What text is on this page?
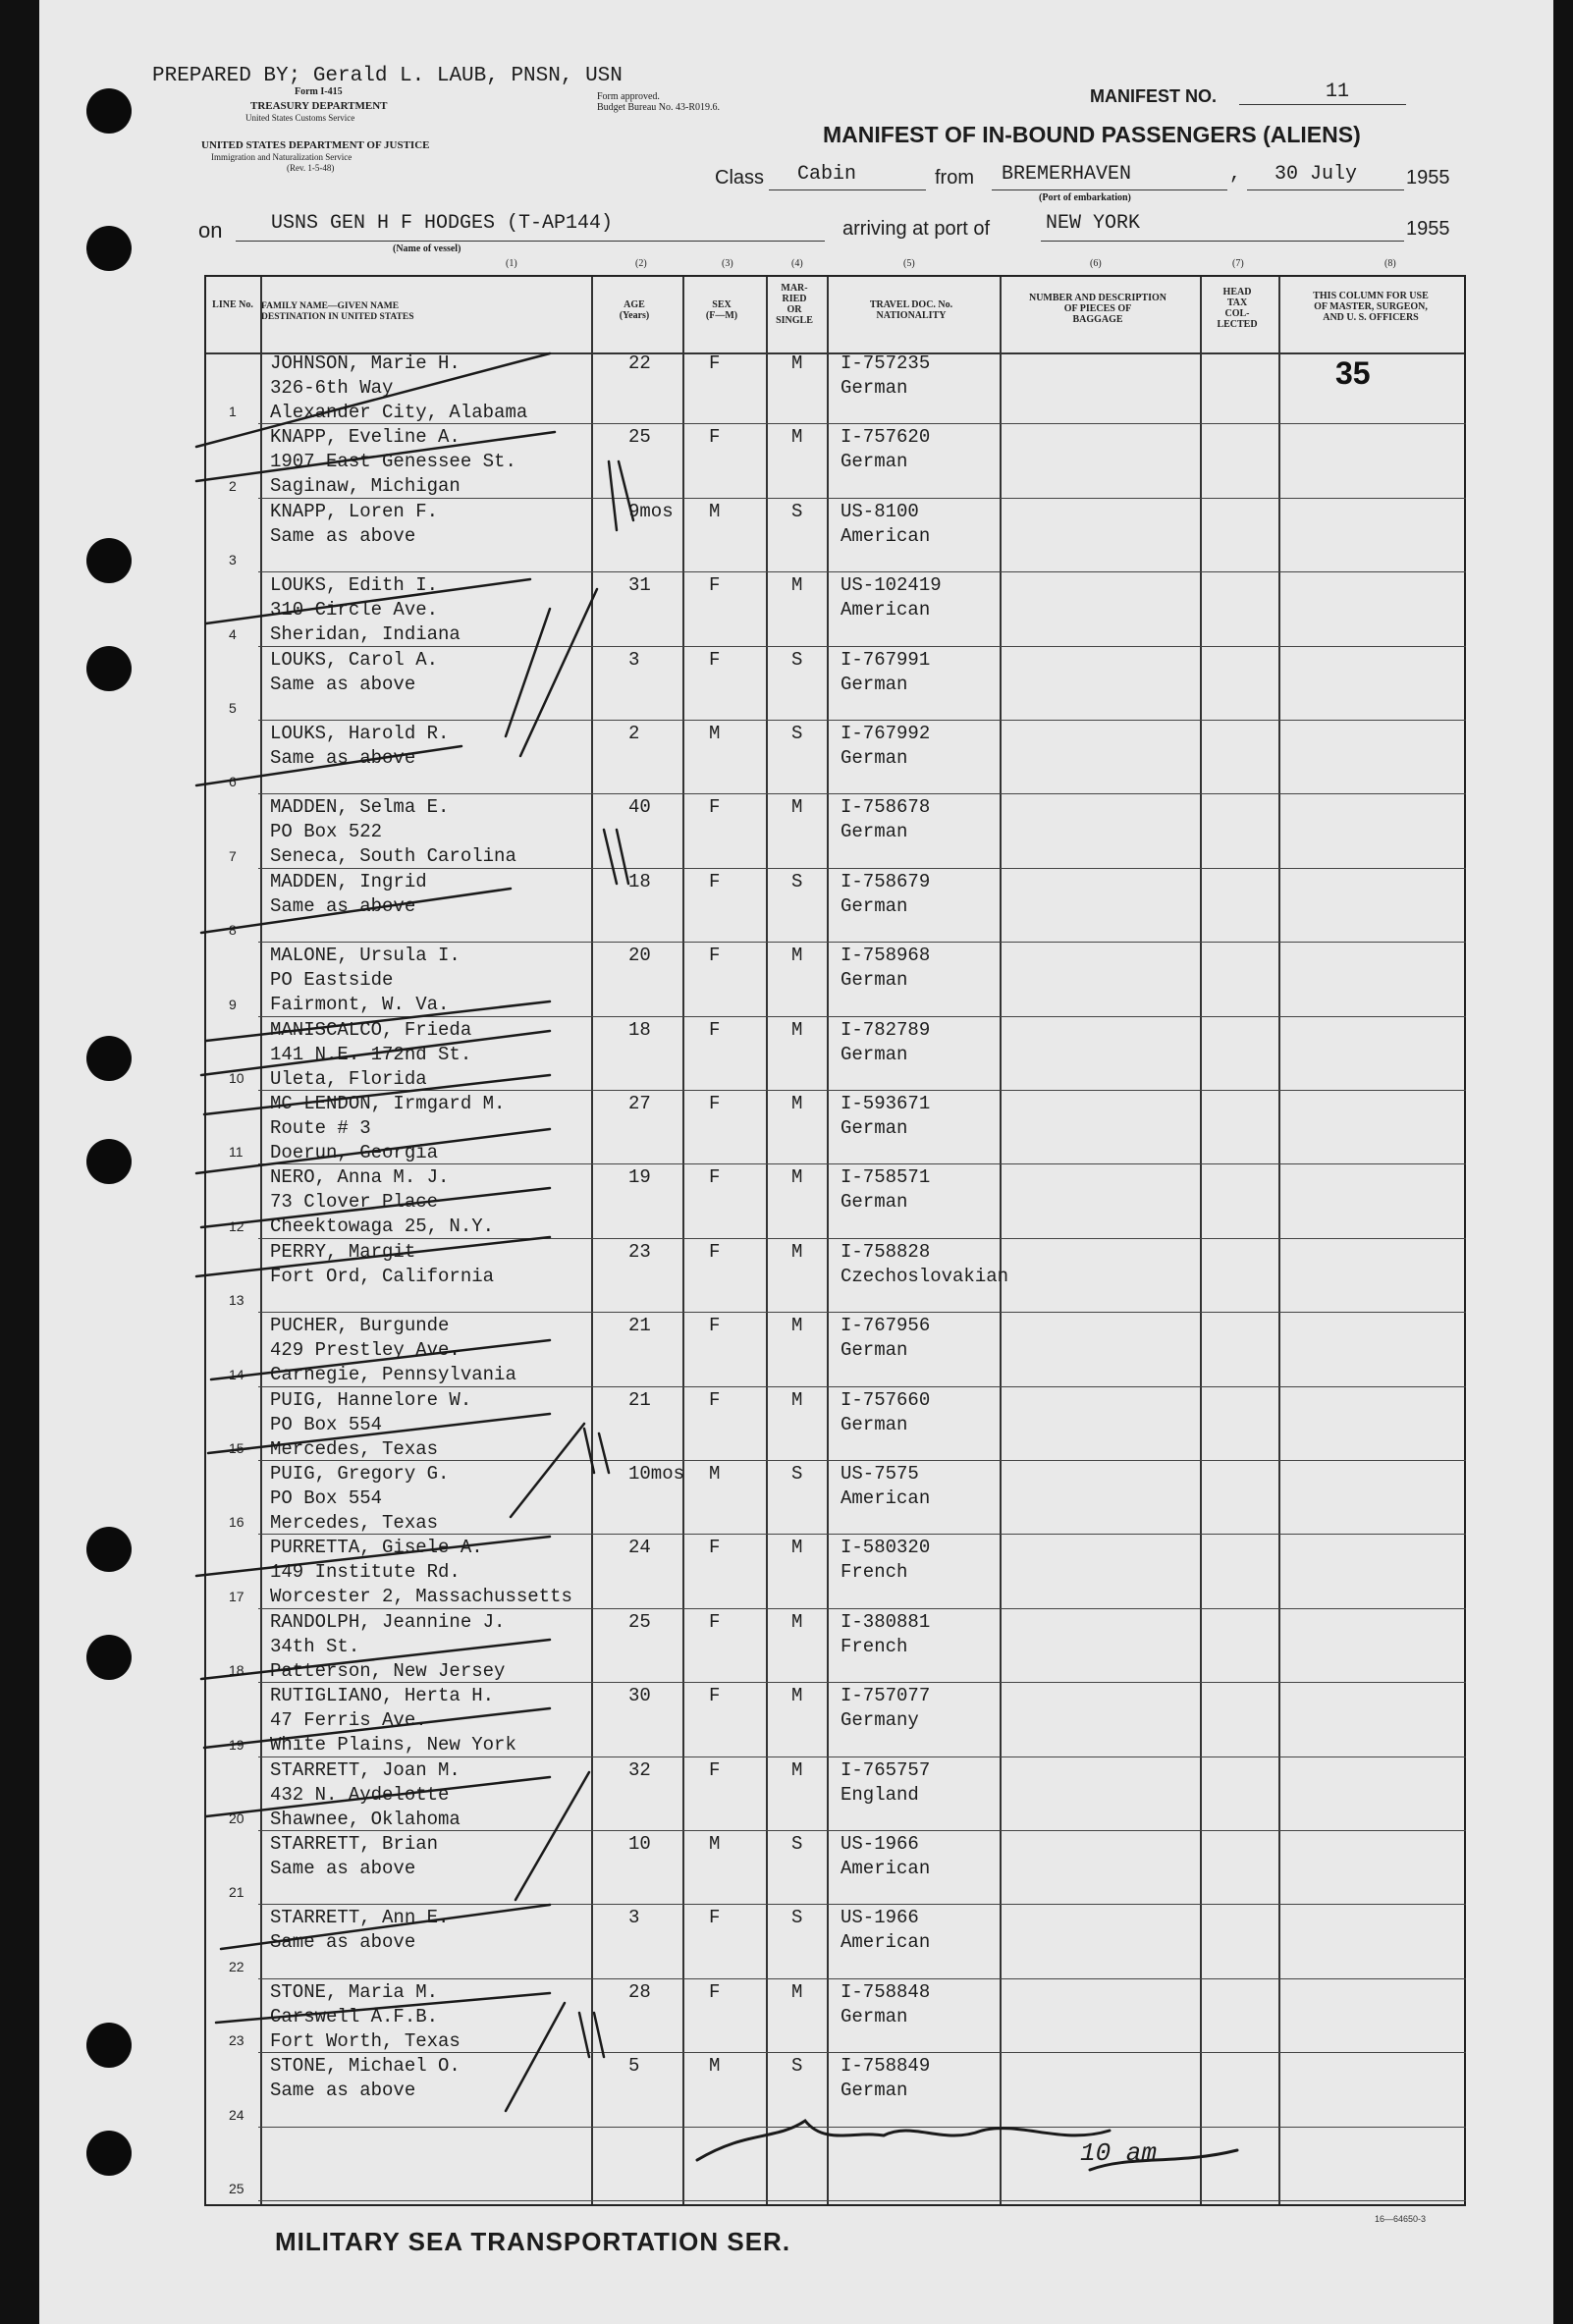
PREPARED BY; Gerald L. LAUB, PNSN, USN
Form I-415
TREASURY DEPARTMENT
United States Customs Service
UNITED STATES DEPARTMENT OF JUSTICE
Immigration and Naturalization Service
(Rev. 1-5-48)
Form approved.
Budget Bureau No. 43-R019.6.
MANIFEST NO.	11
MANIFEST OF IN-BOUND PASSENGERS (ALIENS)
Class Cabin	from BREMERHAVEN
(Port of embarkation)
, 30 July 1955
on USNS GEN H F HODGES (T-AP144)
(Name of vessel)
arriving at port of	NEW YORK	1955
(1)	(2)	(3)	(4)	(5)	(6)	(7)	(8)
LINE No. FAMILY NAME—GIVEN NAME
DESTINATION IN UNITED STATES
AGE
(Years)
SEX
(F—M)
MAR-
RIED
OR
SINGLE
TRAVEL DOC. No.
NATIONALITY
NUMBER AND DESCRIPTION
OF PIECES OF
BAGGAGE
HEAD
TAX
COL-
LECTED
THIS COLUMN FOR USE
OF MASTER, SURGEON,
AND U. S. OFFICERS
35
1
JOHNSON, Marie H.
326-6th Way
Alexander City, Alabama
22	F	M I-757235
German
2
KNAPP, Eveline A.
1907 East Genessee St.
Saginaw, Michigan
25	F	M I-757620
German
3
KNAPP, Loren F.
Same as above
9mos M	S US-8100
American
4
LOUKS, Edith I.
310 Circle Ave.
Sheridan, Indiana
31	F	M US-102419
American
5
LOUKS, Carol A.
Same as above
3	F	S I-767991
German
6
LOUKS, Harold R.
Same as above
2	M	S I-767992
German
7
MADDEN, Selma E.
PO Box 522
Seneca, South Carolina
40	F	M I-758678
German
8
MADDEN, Ingrid
Same as above
18	F	S I-758679
German
9
MALONE, Ursula I.
PO Eastside
Fairmont, W. Va.
20	F	M I-758968
German
10
MANISCALCO, Frieda
141 N.E. 172nd St.
Uleta, Florida
18	F	M I-782789
German
11
MC LENDON, Irmgard M.
Route # 3
Doerun, Georgia
27	F	M I-593671
German
12
NERO, Anna M. J.
73 Clover Place
Cheektowaga 25, N.Y.
19	F	M I-758571
German
13
PERRY, Margit
Fort Ord, California
23	F	M I-758828
Czechoslovakian
14
PUCHER, Burgunde
429 Prestley Ave.
Carnegie, Pennsylvania
21	F	M I-767956
German
15
PUIG, Hannelore W.
PO Box 554
Mercedes, Texas
21	F	M I-757660
German
16
PUIG, Gregory G.
PO Box 554
Mercedes, Texas
10mos M	S US-7575
American
17
PURRETTA, Gisele A.
149 Institute Rd.
Worcester 2, Massachussetts
24	F	M I-580320
French
18
RANDOLPH, Jeannine J.
34th St.
Patterson, New Jersey
25	F	M I-380881
French
19
RUTIGLIANO, Herta H.
47 Ferris Ave.
White Plains, New York
30	F	M I-757077
Germany
20
STARRETT, Joan M.
432 N. Aydelotte
Shawnee, Oklahoma
32	F	M I-765757
England
21
STARRETT, Brian
Same as above
10	M	S US-1966
American
22
STARRETT, Ann E.
Same as above
3	F	S US-1966
American
23
STONE, Maria M.
Carswell A.F.B.
Fort Worth, Texas
28	F	M I-758848
German
24
STONE, Michael O.
Same as above
5	M	S I-758849
German
25
10 am
MILITARY SEA TRANSPORTATION SER.
16—64650-3
